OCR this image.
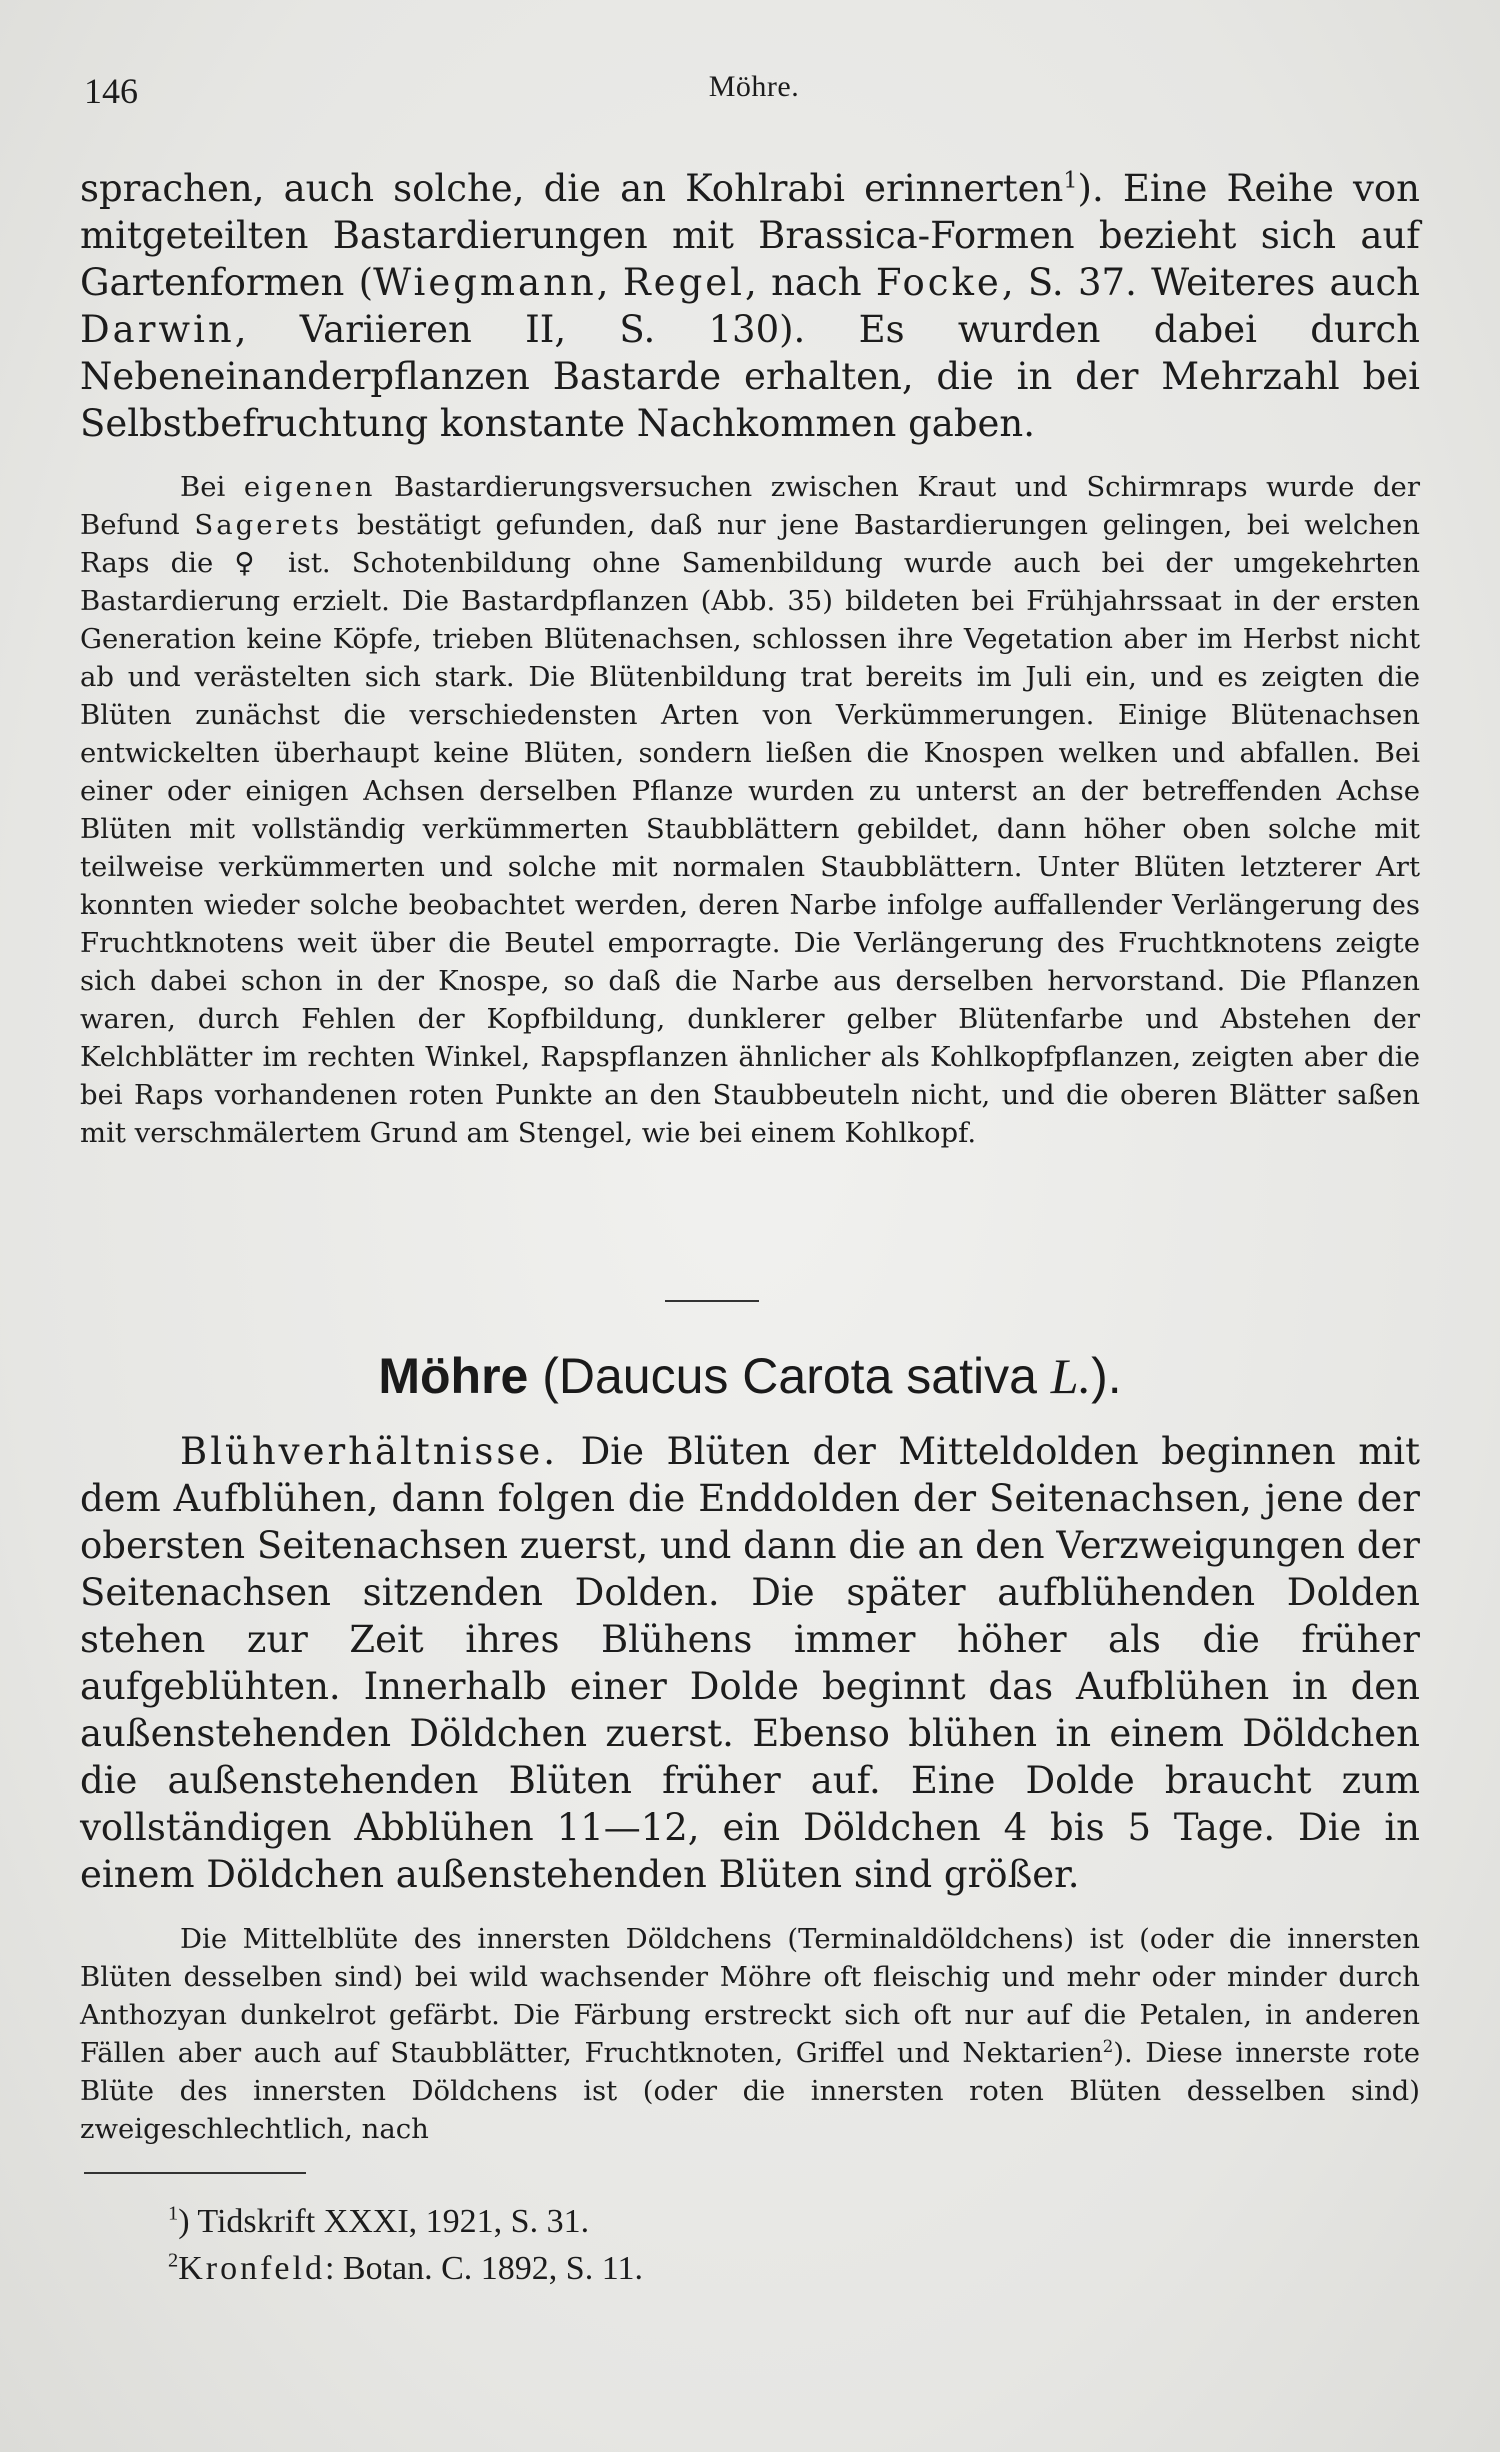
146	Möhre.

sprachen, auch solche, die an Kohlrabi erinnerten$^1$). Eine Reihe von mitgeteilten Bastardierungen mit Brassica-Formen bezieht sich auf Gartenformen (Wiegmann, Regel, nach Focke, S. 37. Weiteres auch Darwin, Variieren II, S. 130). Es wurden dabei durch Nebeneinanderpflanzen Bastarde erhalten, die in der Mehrzahl bei Selbstbefruchtung konstante Nachkommen gaben.

Bei eigenen Bastardierungsversuchen zwischen Kraut und Schirmraps wurde der Befund Sagerets bestätigt gefunden, daß nur jene Bastardierungen gelingen, bei welchen Raps die ♀ ist. Schotenbildung ohne Samenbildung wurde auch bei der umgekehrten Bastardierung erzielt. Die Bastardpflanzen (Abb. 35) bildeten bei Frühjahrssaat in der ersten Generation keine Köpfe, trieben Blütenachsen, schlossen ihre Vegetation aber im Herbst nicht ab und verästelten sich stark. Die Blütenbildung trat bereits im Juli ein, und es zeigten die Blüten zunächst die verschiedensten Arten von Verkümmerungen. Einige Blütenachsen entwickelten überhaupt keine Blüten, sondern ließen die Knospen welken und abfallen. Bei einer oder einigen Achsen derselben Pflanze wurden zu unterst an der betreffenden Achse Blüten mit vollständig verkümmerten Staubblättern gebildet, dann höher oben solche mit teilweise verkümmerten und solche mit normalen Staubblättern. Unter Blüten letzterer Art konnten wieder solche beobachtet werden, deren Narbe infolge auffallender Verlängerung des Fruchtknotens weit über die Beutel emporragte. Die Verlängerung des Fruchtknotens zeigte sich dabei schon in der Knospe, so daß die Narbe aus derselben hervorstand. Die Pflanzen waren, durch Fehlen der Kopfbildung, dunklerer gelber Blütenfarbe und Abstehen der Kelchblätter im rechten Winkel, Rapspflanzen ähnlicher als Kohlkopfpflanzen, zeigten aber die bei Raps vorhandenen roten Punkte an den Staubbeuteln nicht, und die oberen Blätter saßen mit verschmälertem Grund am Stengel, wie bei einem Kohlkopf.

Möhre (Daucus Carota sativa L.).

Blühverhältnisse. Die Blüten der Mitteldolden beginnen mit dem Aufblühen, dann folgen die Enddolden der Seitenachsen, jene der obersten Seitenachsen zuerst, und dann die an den Verzweigungen der Seitenachsen sitzenden Dolden. Die später aufblühenden Dolden stehen zur Zeit ihres Blühens immer höher als die früher aufgeblühten. Innerhalb einer Dolde beginnt das Aufblühen in den außenstehenden Döldchen zuerst. Ebenso blühen in einem Döldchen die außenstehenden Blüten früher auf. Eine Dolde braucht zum vollständigen Abblühen 11—12, ein Döldchen 4 bis 5 Tage. Die in einem Döldchen außenstehenden Blüten sind größer.

Die Mittelblüte des innersten Döldchens (Terminaldöldchens) ist (oder die innersten Blüten desselben sind) bei wild wachsender Möhre oft fleischig und mehr oder minder durch Anthozyan dunkelrot gefärbt. Die Färbung erstreckt sich oft nur auf die Petalen, in anderen Fällen aber auch auf Staubblätter, Fruchtknoten, Griffel und Nektarien$^2$). Diese innerste rote Blüte des innersten Döldchens ist (oder die innersten roten Blüten desselben sind) zweigeschlechtlich, nach

$^1$) Tidskrift XXXI, 1921, S. 31.
$^2$Kronfeld: Botan. C. 1892, S. 11.
